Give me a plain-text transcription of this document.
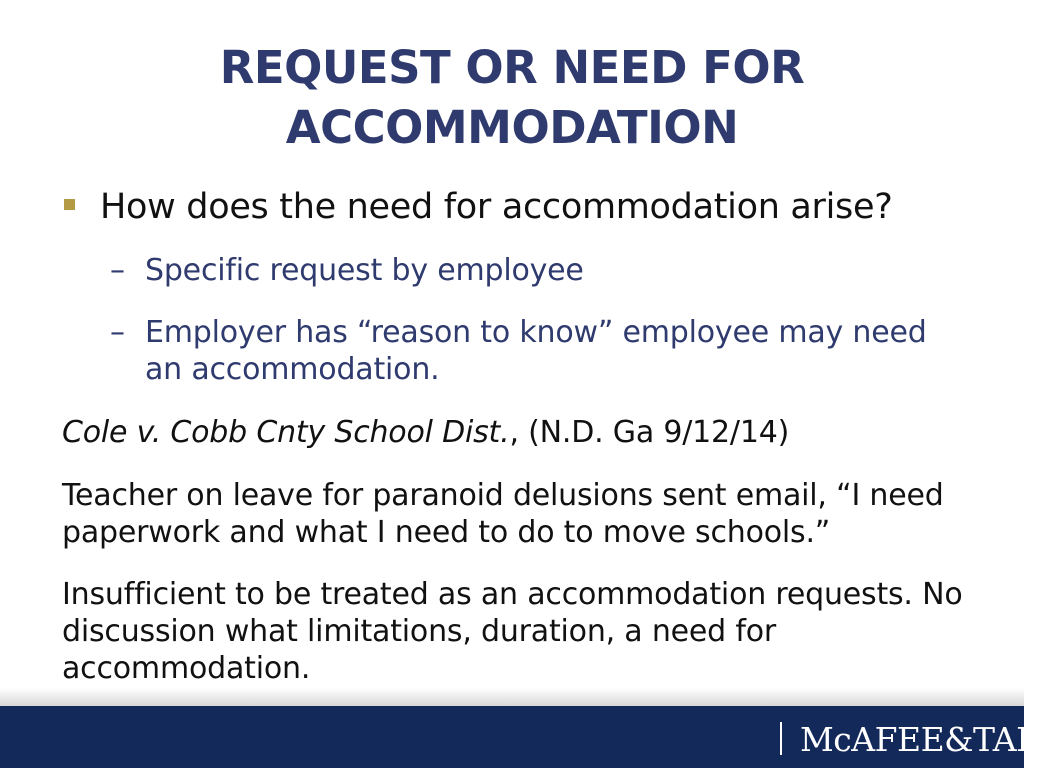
REQUEST OR NEED FOR
ACCOMMODATION
How does the need for accommodation arise?
– Specific request by employee
– Employer has “reason to know” employee may need an accommodation.
Cole v. Cobb Cnty School Dist., (N.D. Ga 9/12/14)
Teacher on leave for paranoid delusions sent email, “I need paperwork and what I need to do to move schools.”
Insufficient to be treated as an accommodation requests. No discussion what limitations, duration, a need for accommodation.
McAFEE&TAFT
